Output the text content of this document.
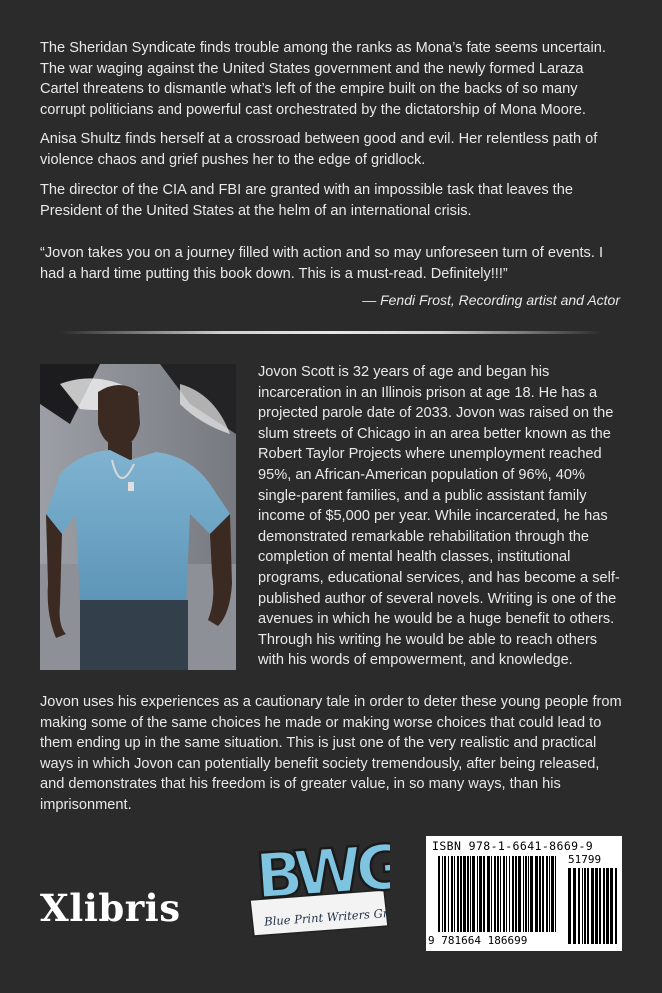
The Sheridan Syndicate finds trouble among the ranks as Mona’s fate seems uncertain. The war waging against the United States government and the newly formed Laraza Cartel threatens to dismantle what’s left of the empire built on the backs of so many corrupt politicians and powerful cast orchestrated by the dictatorship of Mona Moore.

Anisa Shultz finds herself at a crossroad between good and evil. Her relentless path of violence chaos and grief pushes her to the edge of gridlock.

The director of the CIA and FBI are granted with an impossible task that leaves the President of the United States at the helm of an international crisis.

“Jovon takes you on a journey filled with action and so may unforeseen turn of events. I had a hard time putting this book down. This is a must-read. Definitely!!!”

— Fendi Frost, Recording artist and Actor

Jovon Scott is 32 years of age and began his incarceration in an Illinois prison at age 18. He has a projected parole date of 2033. Jovon was raised on the slum streets of Chicago in an area better known as the Robert Taylor Projects where unemployment reached 95%, an African-American population of 96%, 40% single-parent families, and a public assistant family income of $5,000 per year. While incarcerated, he has demonstrated remarkable rehabilitation through the completion of mental health classes, institutional programs, educational services, and has become a self-published author of several novels. Writing is one of the avenues in which he would be a huge benefit to others. Through his writing he would be able to reach others with his words of empowerment, and knowledge.

Jovon uses his experiences as a cautionary tale in order to deter these young people from making some of the same choices he made or making worse choices that could lead to them ending up in the same situation. This is just one of the very realistic and practical ways in which Jovon can potentially benefit society tremendously, after being released, and demonstrates that his freedom is of greater value, in so many ways, than his imprisonment.

Xlibris BWG
Blue Print Writers Group
ISBN 978-1-6641-8669-9
51799
9 781664 186699
